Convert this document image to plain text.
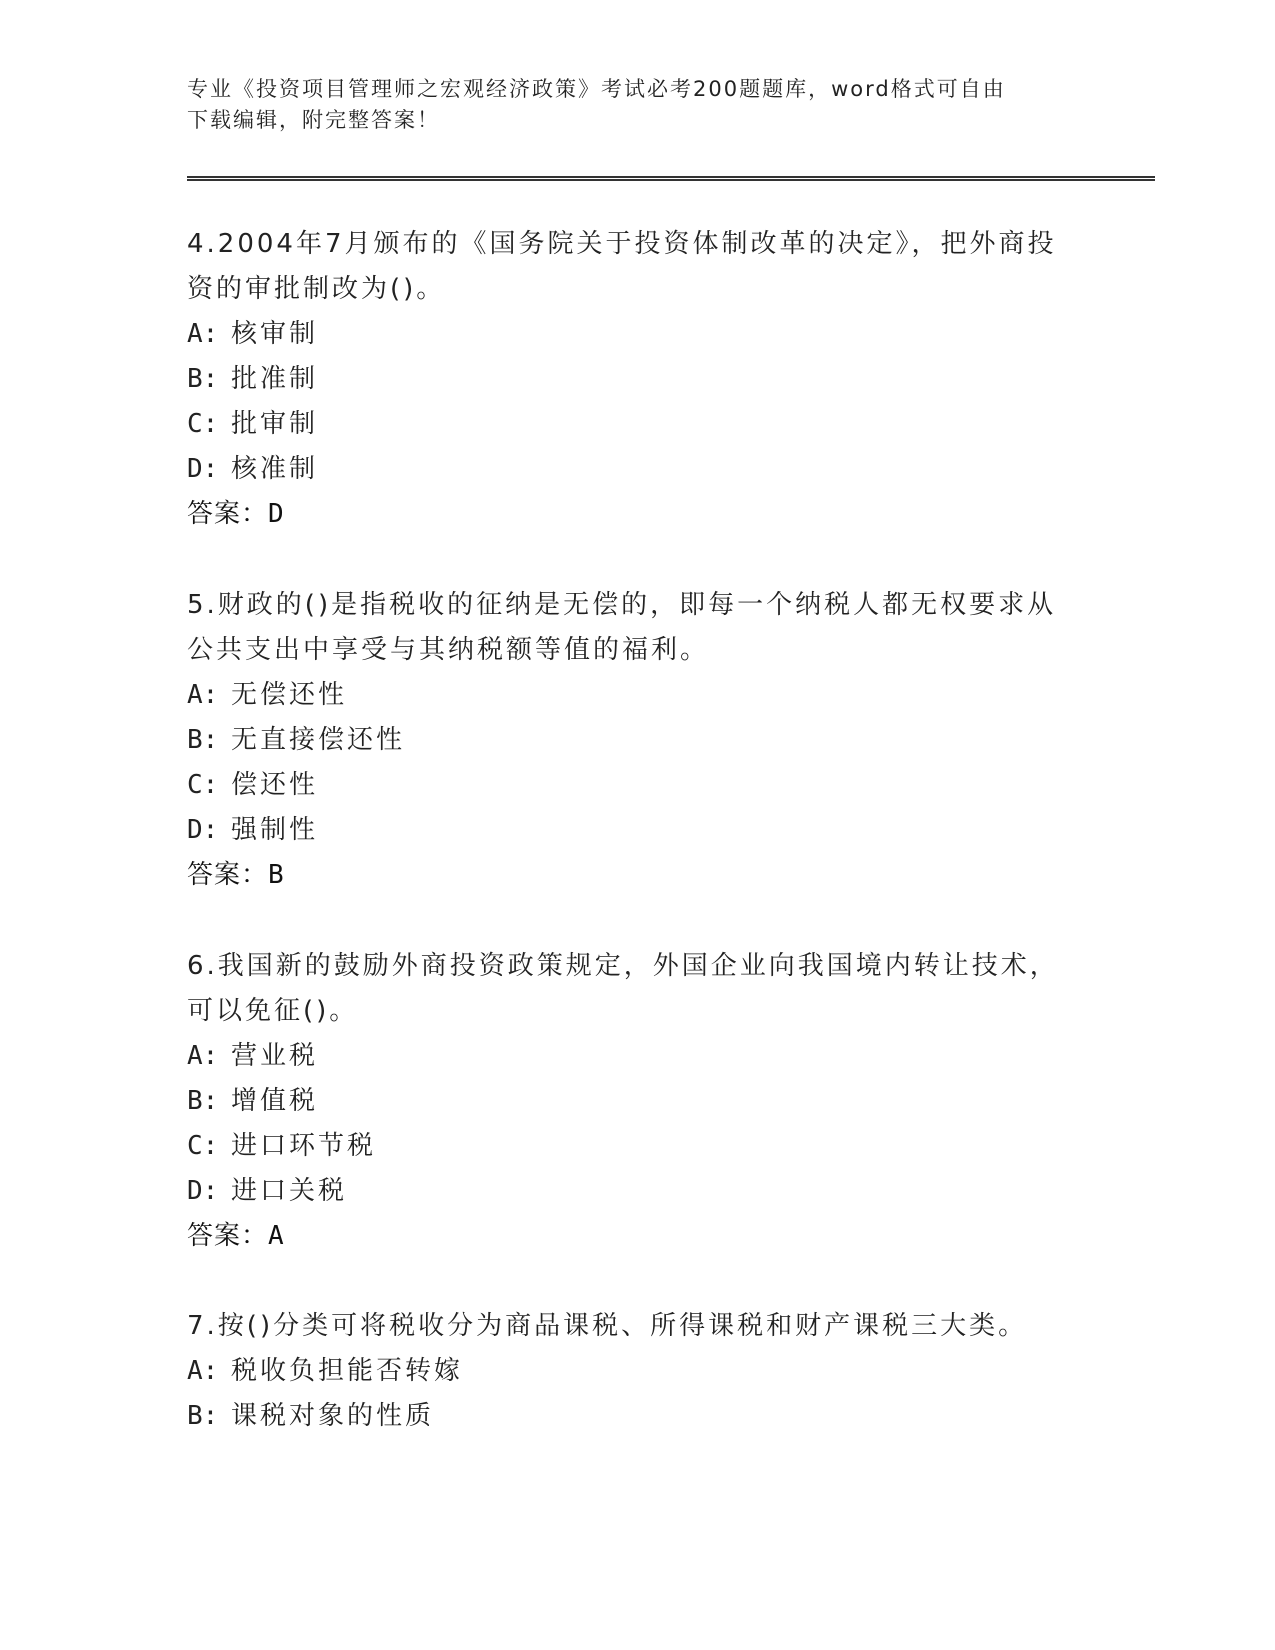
专业《投资项目管理师之宏观经济政策》考试必考200题题库，word格式可自由
下载编辑，附完整答案！

4.2004年7月颁布的《国务院关于投资体制改革的决定》，把外商投

资的审批制改为()。

A: 核审制

B: 批准制

C: 批审制

D: 核准制

答案：D

5.财政的()是指税收的征纳是无偿的，即每一个纳税人都无权要求从

公共支出中享受与其纳税额等值的福利。

A: 无偿还性

B: 无直接偿还性

C: 偿还性

D: 强制性

答案：B

6.我国新的鼓励外商投资政策规定，外国企业向我国境内转让技术，

可以免征()。

A: 营业税

B: 增值税

C: 进口环节税

D: 进口关税

答案：A

7.按()分类可将税收分为商品课税、所得课税和财产课税三大类。

A: 税收负担能否转嫁

B: 课税对象的性质
